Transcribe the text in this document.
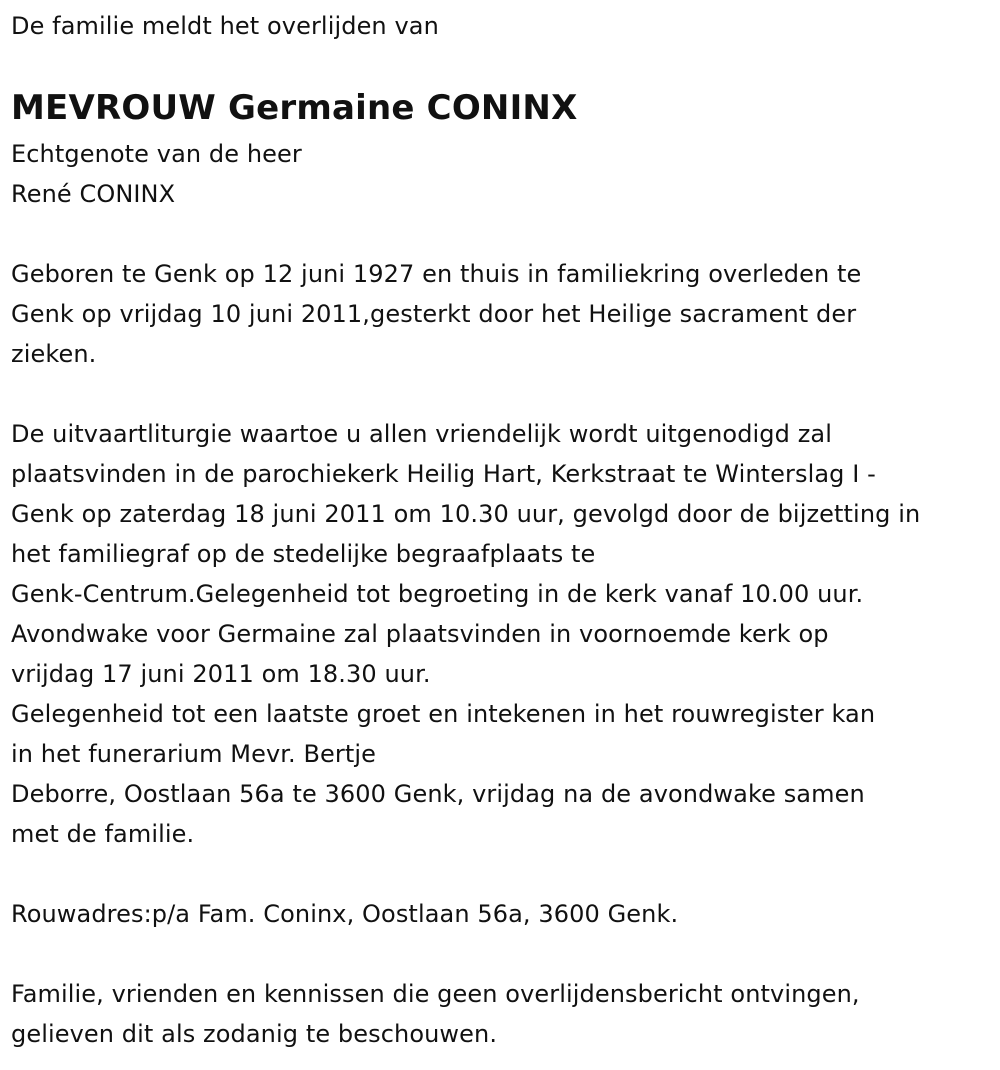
De familie meldt het overlijden van
MEVROUW Germaine CONINX
Echtgenote van de heer
René CONINX
Geboren te Genk op 12 juni 1927 en thuis in familiekring overleden te
Genk op vrijdag 10 juni 2011,gesterkt door het Heilige sacrament der
zieken.
De uitvaartliturgie waartoe u allen vriendelijk wordt uitgenodigd zal
plaatsvinden in de parochiekerk Heilig Hart, Kerkstraat te Winterslag I -
Genk op zaterdag 18 juni 2011 om 10.30 uur, gevolgd door de bijzetting in
het familiegraf op de stedelijke begraafplaats te
Genk-Centrum.Gelegenheid tot begroeting in de kerk vanaf 10.00 uur.
Avondwake voor Germaine zal plaatsvinden in voornoemde kerk op
vrijdag 17 juni 2011 om 18.30 uur.
Gelegenheid tot een laatste groet en intekenen in het rouwregister kan
in het funerarium Mevr. Bertje
Deborre, Oostlaan 56a te 3600 Genk, vrijdag na de avondwake samen
met de familie.
Rouwadres:p/a Fam. Coninx, Oostlaan 56a, 3600 Genk.
Familie, vrienden en kennissen die geen overlijdensbericht ontvingen,
gelieven dit als zodanig te beschouwen.
